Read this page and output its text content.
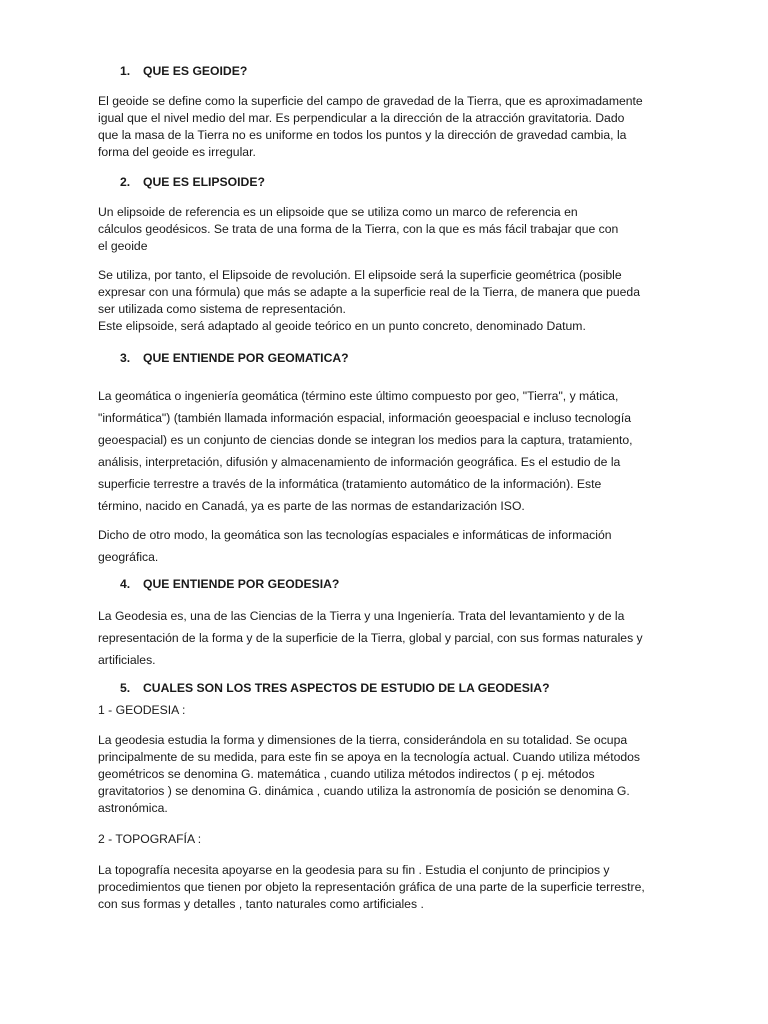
1. QUE ES GEOIDE?
El geoide se define como la superficie del campo de gravedad de la Tierra, que es aproximadamente
igual que el nivel medio del mar. Es perpendicular a la dirección de la atracción gravitatoria. Dado
que la masa de la Tierra no es uniforme en todos los puntos y la dirección de gravedad cambia, la
forma del geoide es irregular.
2. QUE ES ELIPSOIDE?
Un elipsoide de referencia es un elipsoide que se utiliza como un marco de referencia en
cálculos geodésicos. Se trata de una forma de la Tierra, con la que es más fácil trabajar que con
el geoide
Se utiliza, por tanto, el Elipsoide de revolución. El elipsoide será la superficie geométrica (posible
expresar con una fórmula) que más se adapte a la superficie real de la Tierra, de manera que pueda
ser utilizada como sistema de representación.
Este elipsoide, será adaptado al geoide teórico en un punto concreto, denominado Datum.
3. QUE ENTIENDE POR GEOMATICA?
La geomática o ingeniería geomática (término este último compuesto por geo, "Tierra", y mática,
"informática") (también llamada información espacial, información geoespacial e incluso tecnología
geoespacial) es un conjunto de ciencias donde se integran los medios para la captura, tratamiento,
análisis, interpretación, difusión y almacenamiento de información geográfica. Es el estudio de la
superficie terrestre a través de la informática (tratamiento automático de la información). Este
término, nacido en Canadá, ya es parte de las normas de estandarización ISO.
Dicho de otro modo, la geomática son las tecnologías espaciales e informáticas de información
geográfica.
4. QUE ENTIENDE POR GEODESIA?
La Geodesia es, una de las Ciencias de la Tierra y una Ingeniería. Trata del levantamiento y de la
representación de la forma y de la superficie de la Tierra, global y parcial, con sus formas naturales y
artificiales.
5. CUALES SON LOS TRES ASPECTOS DE ESTUDIO DE LA GEODESIA?
1 - GEODESIA :
La geodesia estudia la forma y dimensiones de la tierra, considerándola en su totalidad. Se ocupa
principalmente de su medida, para este fin se apoya en la tecnología actual. Cuando utiliza métodos
geométricos se denomina G. matemática , cuando utiliza métodos indirectos ( p ej. métodos
gravitatorios ) se denomina G. dinámica , cuando utiliza la astronomía de posición se denomina G.
astronómica.
2 - TOPOGRAFÍA :
La topografía necesita apoyarse en la geodesia para su fin . Estudia el conjunto de principios y
procedimientos que tienen por objeto la representación gráfica de una parte de la superficie terrestre,
con sus formas y detalles , tanto naturales como artificiales .
